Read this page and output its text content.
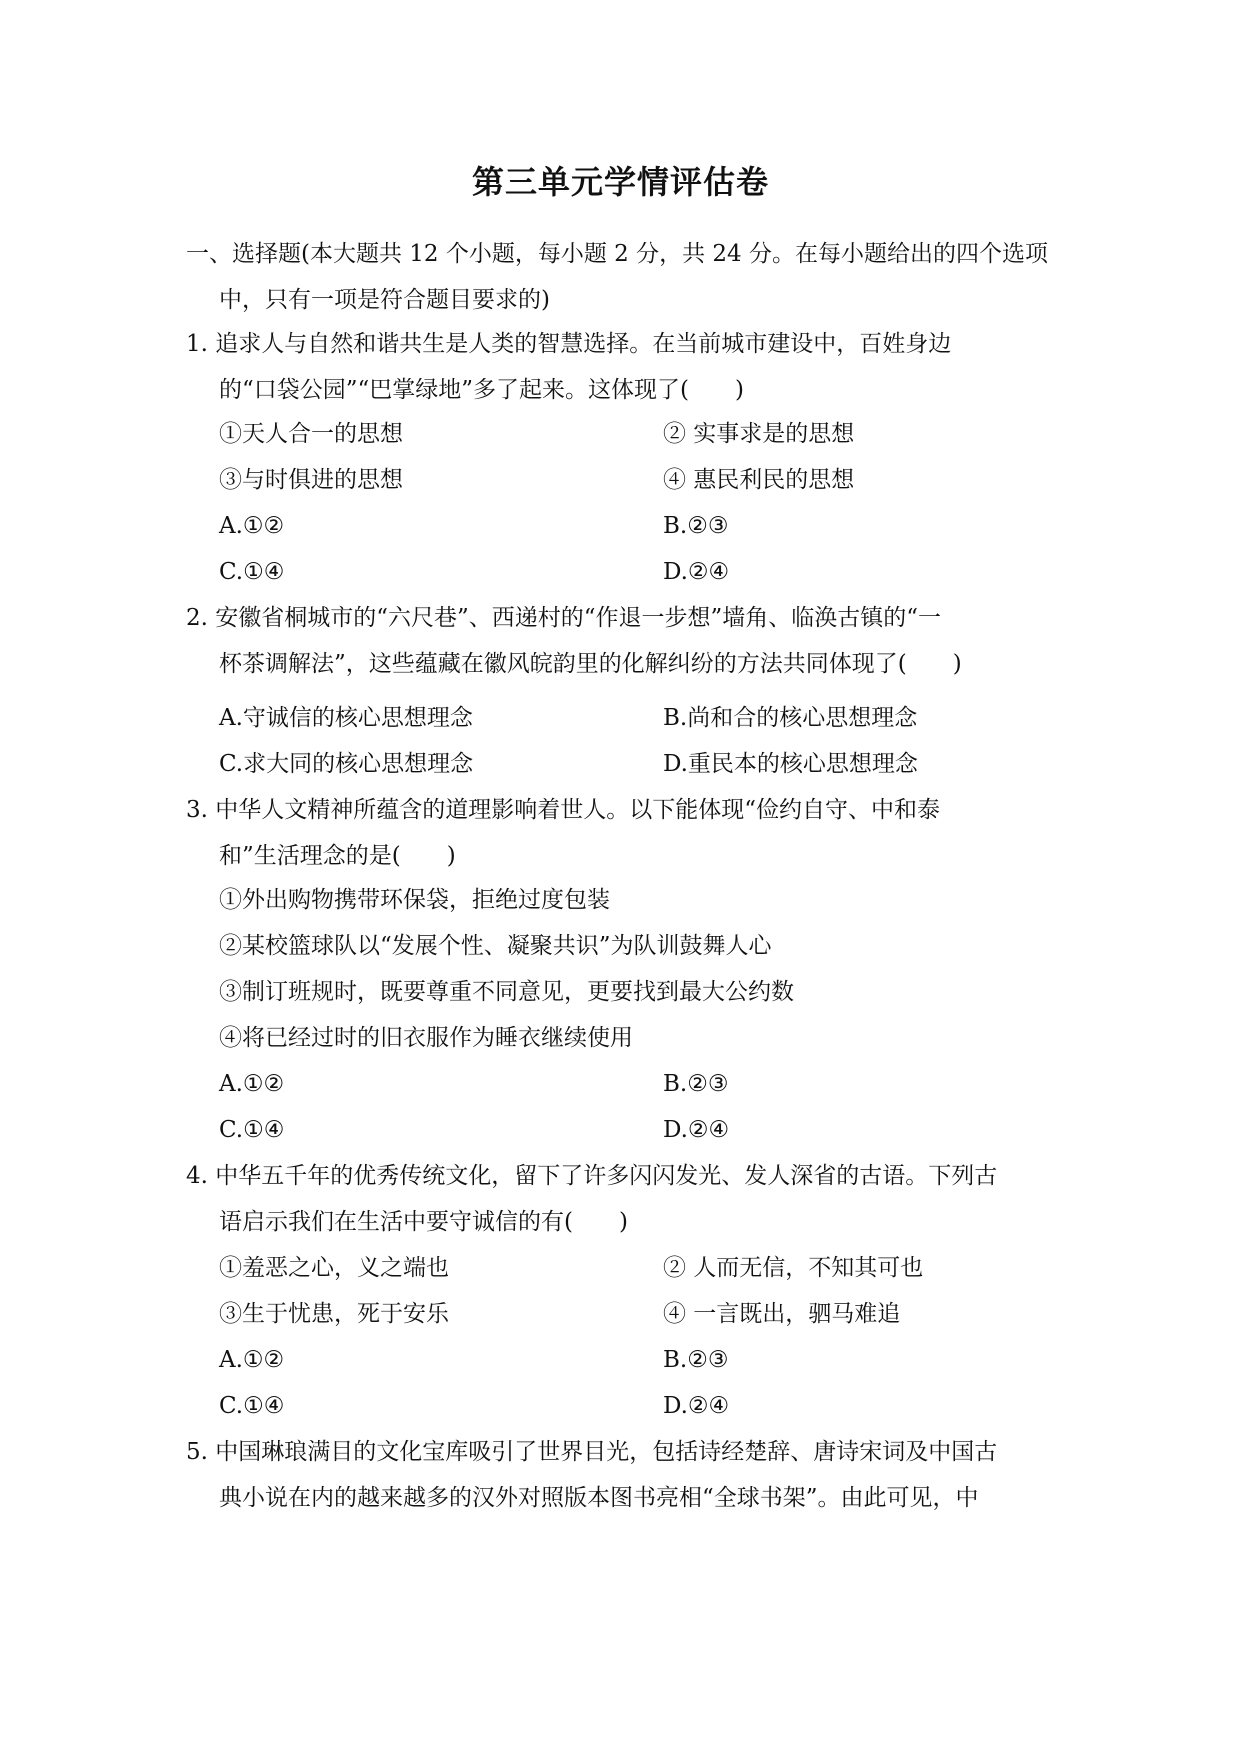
第三单元学情评估卷
一、选择题(本大题共 12 个小题，每小题 2 分，共 24 分。在每小题给出的四个选项
中，只有一项是符合题目要求的)
1. 追求人与自然和谐共生是人类的智慧选择。在当前城市建设中，百姓身边
的“口袋公园”“巴掌绿地”多了起来。这体现了(　　)
①天人合一的思想	② 实事求是的思想
③与时俱进的思想	④ 惠民利民的思想
A.①②	B.②③
C.①④	D.②④
2. 安徽省桐城市的“六尺巷”、西递村的“作退一步想”墙角、临涣古镇的“一
杯茶调解法”，这些蕴藏在徽风皖韵里的化解纠纷的方法共同体现了(　　)
A.守诚信的核心思想理念	B.尚和合的核心思想理念
C.求大同的核心思想理念	D.重民本的核心思想理念
3. 中华人文精神所蕴含的道理影响着世人。以下能体现“俭约自守、中和泰
和”生活理念的是(　　)
①外出购物携带环保袋，拒绝过度包装
②某校篮球队以“发展个性、凝聚共识”为队训鼓舞人心
③制订班规时，既要尊重不同意见，更要找到最大公约数
④将已经过时的旧衣服作为睡衣继续使用
A.①②	B.②③
C.①④	D.②④
4. 中华五千年的优秀传统文化，留下了许多闪闪发光、发人深省的古语。下列古
语启示我们在生活中要守诚信的有(　　)
①羞恶之心，义之端也	② 人而无信，不知其可也
③生于忧患，死于安乐	④ 一言既出，驷马难追
A.①②	B.②③
C.①④	D.②④
5. 中国琳琅满目的文化宝库吸引了世界目光，包括诗经楚辞、唐诗宋词及中国古
典小说在内的越来越多的汉外对照版本图书亮相“全球书架”。由此可见，中
